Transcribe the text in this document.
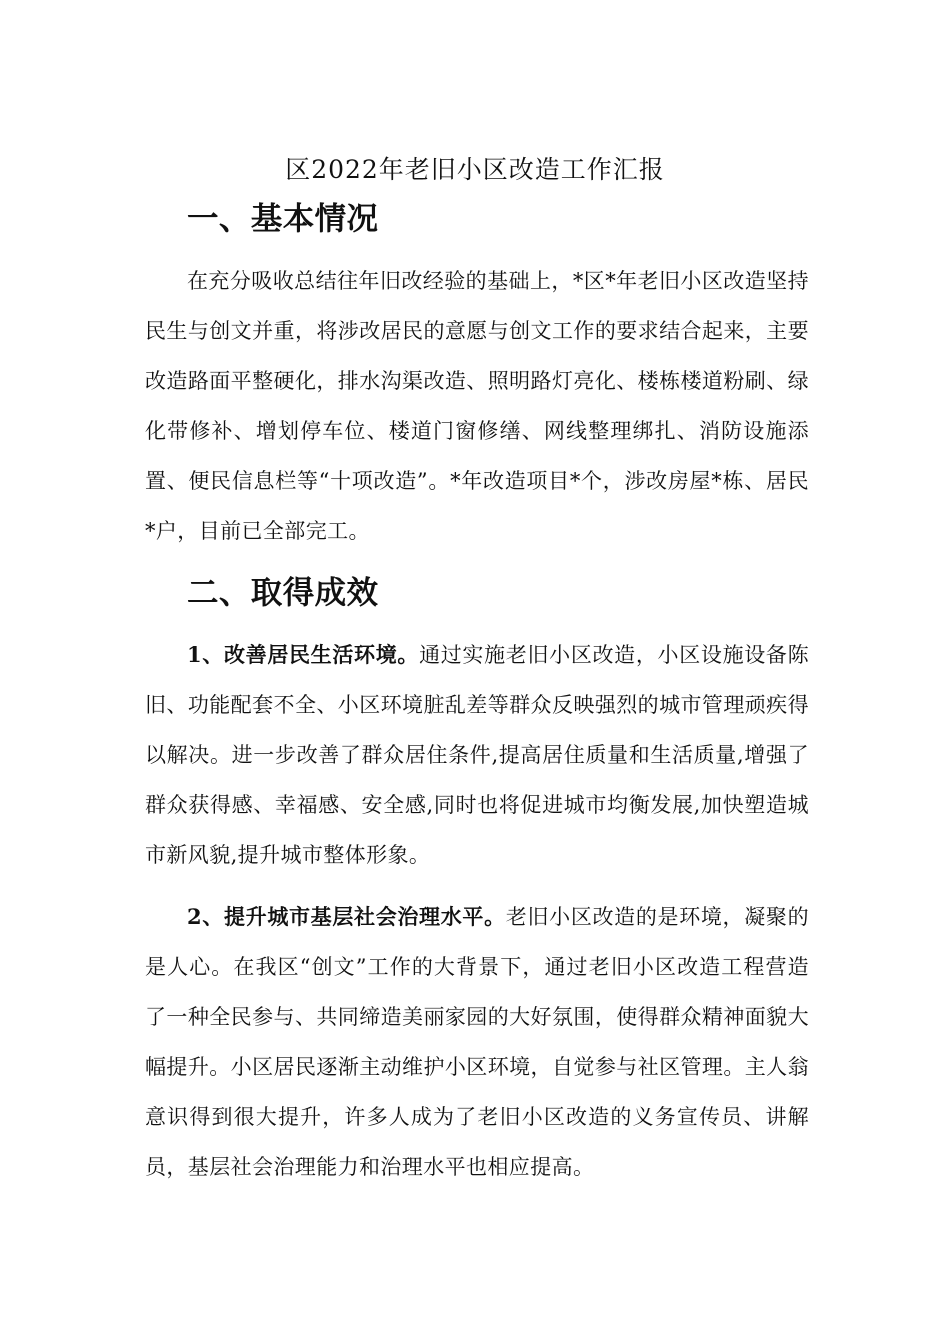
区2022年老旧小区改造工作汇报
一、基本情况

在充分吸收总结往年旧改经验的基础上，*区*年老旧小区改造坚持民生与创文并重，将涉改居民的意愿与创文工作的要求结合起来，主要改造路面平整硬化，排水沟渠改造、照明路灯亮化、楼栋楼道粉刷、绿化带修补、增划停车位、楼道门窗修缮、网线整理绑扎、消防设施添置、便民信息栏等“十项改造”。*年改造项目*个，涉改房屋*栋、居民*户，目前已全部完工。

二、取得成效

1、改善居民生活环境。通过实施老旧小区改造，小区设施设备陈旧、功能配套不全、小区环境脏乱差等群众反映强烈的城市管理顽疾得以解决。进一步改善了群众居住条件,提高居住质量和生活质量,增强了群众获得感、幸福感、安全感,同时也将促进城市均衡发展,加快塑造城市新风貌,提升城市整体形象。

2、提升城市基层社会治理水平。老旧小区改造的是环境，凝聚的是人心。在我区“创文”工作的大背景下，通过老旧小区改造工程营造了一种全民参与、共同缔造美丽家园的大好氛围，使得群众精神面貌大幅提升。小区居民逐渐主动维护小区环境，自觉参与社区管理。主人翁意识得到很大提升，许多人成为了老旧小区改造的义务宣传员、讲解员，基层社会治理能力和治理水平也相应提高。
